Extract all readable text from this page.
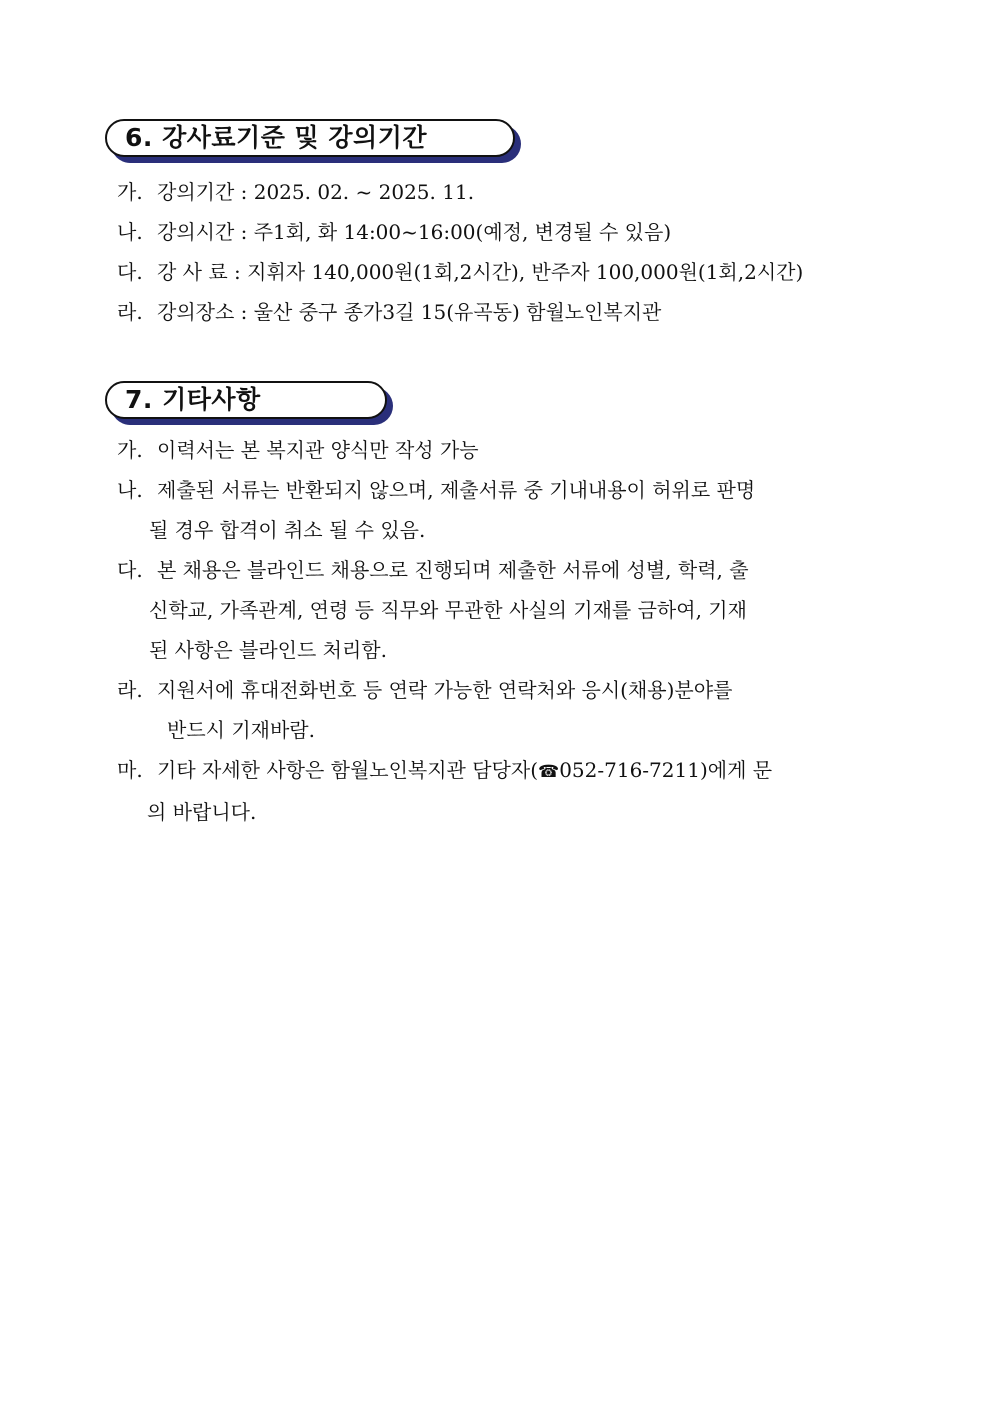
6. 강사료기준 및 강의기간
가. 강의기간 : 2025. 02. ~ 2025. 11.
나. 강의시간 : 주1회, 화 14:00~16:00(예정, 변경될 수 있음)
다. 강 사 료 : 지휘자 140,000원(1회,2시간), 반주자 100,000원(1회,2시간)
라. 강의장소 : 울산 중구 종가3길 15(유곡동) 함월노인복지관
7. 기타사항
가. 이력서는 본 복지관 양식만 작성 가능
나. 제출된 서류는 반환되지 않으며, 제출서류 중 기내내용이 허위로 판명
될 경우 합격이 취소 될 수 있음.
다. 본 채용은 블라인드 채용으로 진행되며 제출한 서류에 성별, 학력, 출
신학교, 가족관계, 연령 등 직무와 무관한 사실의 기재를 금하여, 기재
된 사항은 블라인드 처리함.
라. 지원서에 휴대전화번호 등 연락 가능한 연락처와 응시(채용)분야를
반드시 기재바람.
마. 기타 자세한 사항은 함월노인복지관 담당자(☎052-716-7211)에게 문
의 바랍니다.
